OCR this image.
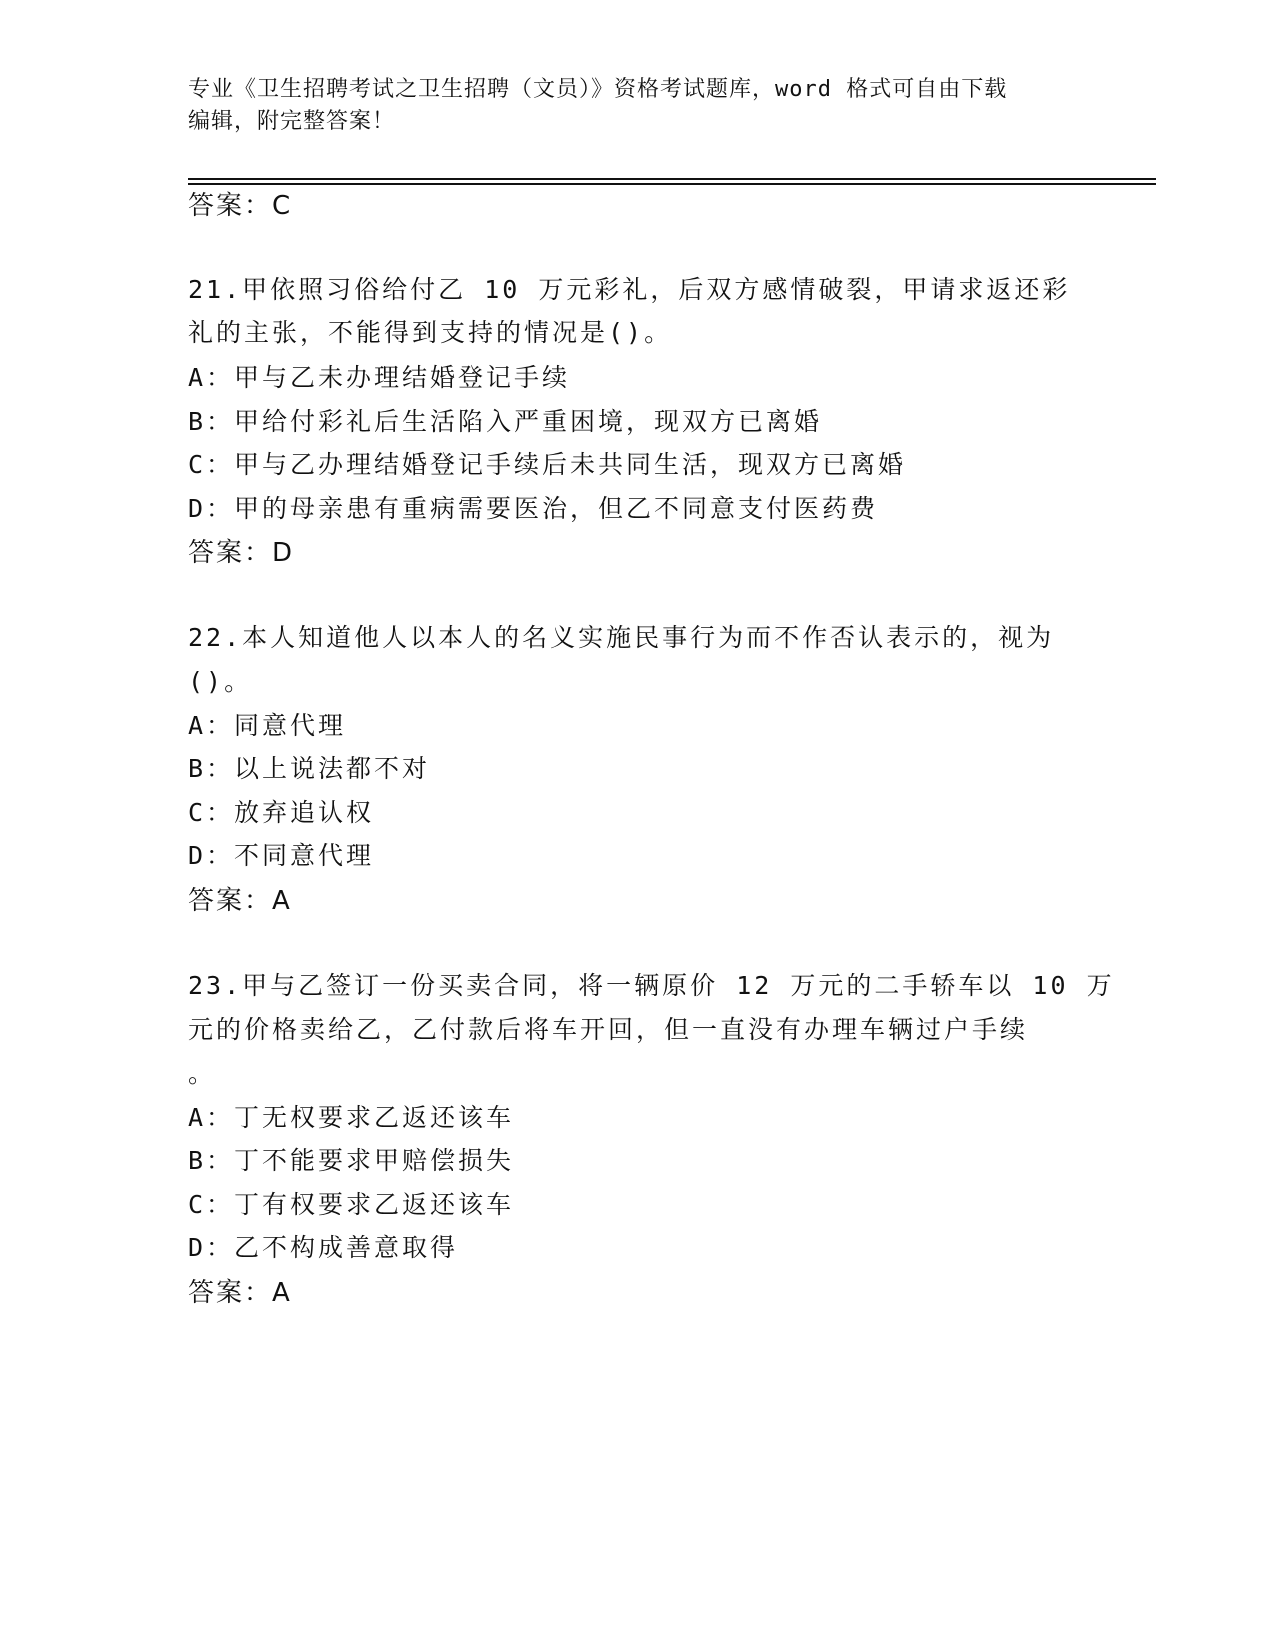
专业《卫生招聘考试之卫生招聘（文员）》资格考试题库，word 格式可自由下载
编辑，附完整答案！
答案：C
21.甲依照习俗给付乙 10 万元彩礼，后双方感情破裂，甲请求返还彩
礼的主张，不能得到支持的情况是()。
A：甲与乙未办理结婚登记手续
B：甲给付彩礼后生活陷入严重困境，现双方已离婚
C：甲与乙办理结婚登记手续后未共同生活，现双方已离婚
D：甲的母亲患有重病需要医治，但乙不同意支付医药费
答案：D
22.本人知道他人以本人的名义实施民事行为而不作否认表示的，视为
()。
A：同意代理
B：以上说法都不对
C：放弃追认权
D：不同意代理
答案：A
23.甲与乙签订一份买卖合同，将一辆原价 12 万元的二手轿车以 10 万
元的价格卖给乙，乙付款后将车开回，但一直没有办理车辆过户手续
。
A：丁无权要求乙返还该车
B：丁不能要求甲赔偿损失
C：丁有权要求乙返还该车
D：乙不构成善意取得
答案：A
